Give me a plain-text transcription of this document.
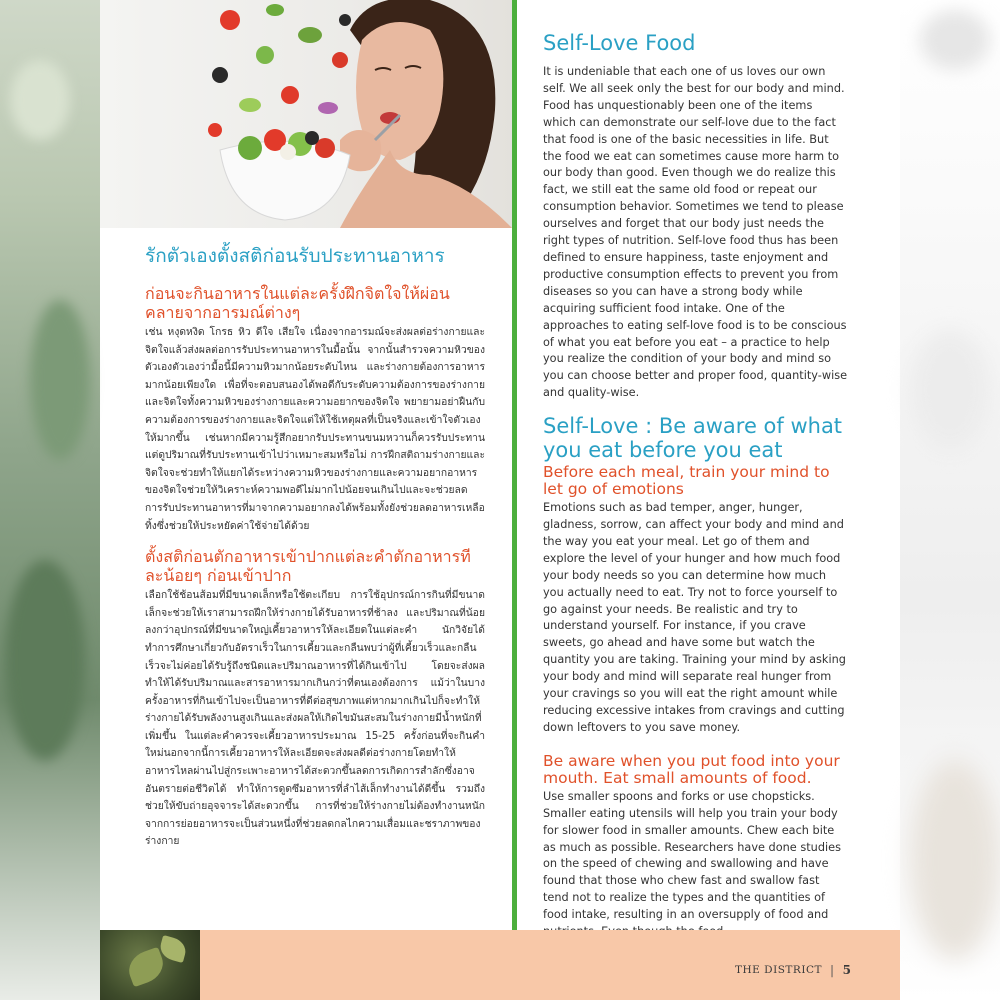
รักตัวเองตั้งสติก่อนรับประทานอาหาร
ก่อนจะกินอาหารในแต่ละครั้งฝึกจิตใจให้ผ่อนคลายจากอารมณ์ต่างๆ

เช่น หงุดหงิด โกรธ หิว ดีใจ เสียใจ เนื่องจากอารมณ์จะส่งผลต่อร่างกายและจิตใจแล้วส่งผลต่อการรับประทานอาหารในมื้อนั้น จากนั้นสำรวจความหิวของตัวเองตัวเองว่ามื้อนี้มีความหิวมากน้อยระดับไหน และร่างกายต้องการอาหารมากน้อยเพียงใด เพื่อที่จะตอบสนองได้พอดีกับระดับความต้องการของร่างกายและจิตใจทั้งความหิวของร่างกายและความอยากของจิตใจ พยายามอย่าฝืนกับความต้องการของร่างกายและจิตใจแต่ให้ใช้เหตุผลที่เป็นจริงและเข้าใจตัวเองให้มากขึ้น เช่นหากมีความรู้สึกอยากรับประทานขนมหวานก็ควรรับประทานแต่ดูปริมาณที่รับประทานเข้าไปว่าเหมาะสมหรือไม่ การฝึกสติถามร่างกายและจิตใจจะช่วยทำให้แยกได้ระหว่างความหิวของร่างกายและความอยากอาหารของจิตใจช่วยให้วิเคราะห์ความพอดีไม่มากไปน้อยจนเกินไปและจะช่วยลดการรับประทานอาหารที่มาจากความอยากลงได้พร้อมทั้งยังช่วยลดอาหารเหลือทิ้งซึ่งช่วยให้ประหยัดค่าใช้จ่ายได้ด้วย

ตั้งสติก่อนตักอาหารเข้าปากแต่ละคำตักอาหารทีละน้อยๆ ก่อนเข้าปาก

เลือกใช้ช้อนส้อมที่มีขนาดเล็กหรือใช้ตะเกียบ การใช้อุปกรณ์การกินที่มีขนาดเล็กจะช่วยให้เราสามารถฝึกให้ร่างกายได้รับอาหารที่ช้าลง และปริมาณที่น้อยลงกว่าอุปกรณ์ที่มีขนาดใหญ่เคี้ยวอาหารให้ละเอียดในแต่ละคำ นักวิจัยได้ทำการศึกษาเกี่ยวกับอัตราเร็วในการเคี้ยวและกลืนพบว่าผู้ที่เคี้ยวเร็วและกลืนเร็วจะไม่ค่อยได้รับรู้ถึงชนิดและปริมาณอาหารที่ได้กินเข้าไป โดยจะส่งผลทำให้ได้รับปริมาณและสารอาหารมากเกินกว่าที่ตนเองต้องการ แม้ว่าในบางครั้งอาหารที่กินเข้าไปจะเป็นอาหารที่ดีต่อสุขภาพแต่หากมากเกินไปก็จะทำให้ร่างกายได้รับพลังงานสูงเกินและส่งผลให้เกิดไขมันสะสมในร่างกายมีน้ำหนักที่เพิ่มขึ้น ในแต่ละคำควรจะเคี้ยวอาหารประมาณ 15-25 ครั้งก่อนที่จะกินคำใหม่นอกจากนี้การเคี้ยวอาหารให้ละเอียดจะส่งผลดีต่อร่างกายโดยทำให้อาหารไหลผ่านไปสู่กระเพาะอาหารได้สะดวกขึ้นลดการเกิดการสำลักซึ่งอาจอันตรายต่อชีวิตได้ ทำให้การดูดซึมอาหารที่ลำไส้เล็กทำงานได้ดีขึ้น รวมถึงช่วยให้ขับถ่ายอุจจาระได้สะดวกขึ้น การที่ช่วยให้ร่างกายไม่ต้องทำงานหนักจากการย่อยอาหารจะเป็นส่วนหนึ่งที่ช่วยลดกลไกความเสื่อมและชราภาพของร่างกาย

Self-Love Food

It is undeniable that each one of us loves our own self. We all seek only the best for our body and mind. Food has unquestionably been one of the items which can demonstrate our self-love due to the fact that food is one of the basic necessities in life. But the food we eat can sometimes cause more harm to our body than good. Even though we do realize this fact, we still eat the same old food or repeat our consumption behavior. Sometimes we tend to please ourselves and forget that our body just needs the right types of nutrition. Self-love food thus has been defined to ensure happiness, taste enjoyment and productive consumption effects to prevent you from diseases so you can have a strong body while acquiring sufficient food intake. One of the approaches to eating self-love food is to be conscious of what you eat before you eat – a practice to help you realize the condition of your body and mind so you can choose better and proper food, quantity-wise and quality-wise.

Self-Love : Be aware of what you eat before you eat
Before each meal, train your mind to let go of emotions

Emotions such as bad temper, anger, hunger, gladness, sorrow, can affect your body and mind and the way you eat your meal. Let go of them and explore the level of your hunger and how much food your body needs so you can determine how much you actually need to eat. Try not to force yourself to go against your needs. Be realistic and try to understand yourself. For instance, if you crave sweets, go ahead and have some but watch the quantity you are taking. Training your mind by asking your body and mind will separate real hunger from your cravings so you will eat the right amount while reducing excessive intakes from cravings and cutting down leftovers to you save money.

Be aware when you put food into your mouth. Eat small amounts of food.

Use smaller spoons and forks or use chopsticks. Smaller eating utensils will help you train your body for slower food in smaller amounts. Chew each bite as much as possible. Researchers have done studies on the speed of chewing and swallowing and have found that those who chew fast and swallow fast tend not to realize the types and the quantities of food intake, resulting in an oversupply of food and

THE DISTRICT | 5
